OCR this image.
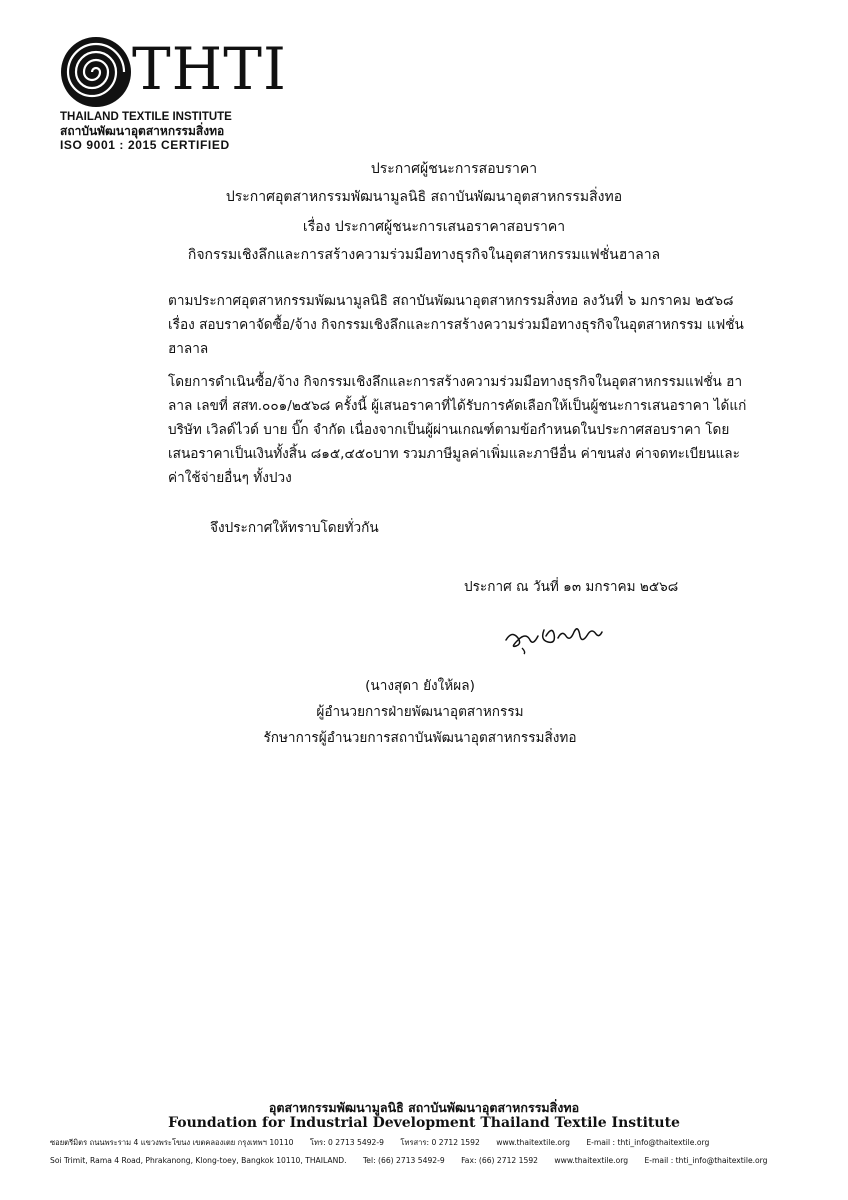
THTI
THAILAND TEXTILE INSTITUTE
สถาบันพัฒนาอุตสาหกรรมสิ่งทอ
ISO 9001 : 2015 CERTIFIED
ประกาศผู้ชนะการสอบราคา
ประกาศอุตสาหกรรมพัฒนามูลนิธิ สถาบันพัฒนาอุตสาหกรรมสิ่งทอ
เรื่อง ประกาศผู้ชนะการเสนอราคาสอบราคา
กิจกรรมเชิงลึกและการสร้างความร่วมมือทางธุรกิจในอุตสาหกรรมแฟชั่นฮาลาล
ตามประกาศอุตสาหกรรมพัฒนามูลนิธิ สถาบันพัฒนาอุตสาหกรรมสิ่งทอ ลงวันที่ ๖ มกราคม ๒๕๖๘ เรื่อง สอบราคาจัดซื้อ/จ้าง กิจกรรมเชิงลึกและการสร้างความร่วมมือทางธุรกิจในอุตสาหกรรม แฟชั่นฮาลาล
โดยการดำเนินซื้อ/จ้าง กิจกรรมเชิงลึกและการสร้างความร่วมมือทางธุรกิจในอุตสาหกรรมแฟชั่น ฮาลาล เลขที่ สสท.๐๐๑/๒๕๖๘ ครั้งนี้ ผู้เสนอราคาที่ได้รับการคัดเลือกให้เป็นผู้ชนะการเสนอราคา ได้แก่ บริษัท เวิลด์ไวด์ บาย บิ๊ก จำกัด เนื่องจากเป็นผู้ผ่านเกณฑ์ตามข้อกำหนดในประกาศสอบราคา โดยเสนอราคาเป็นเงินทั้งสิ้น ๘๑๕,๔๕๐บาท รวมภาษีมูลค่าเพิ่มและภาษีอื่น ค่าขนส่ง ค่าจดทะเบียนและค่าใช้จ่ายอื่นๆ ทั้งปวง
จึงประกาศให้ทราบโดยทั่วกัน
ประกาศ ณ วันที่ ๑๓ มกราคม ๒๕๖๘
(นางสุดา ยังให้ผล)
ผู้อำนวยการฝ่ายพัฒนาอุตสาหกรรม
รักษาการผู้อำนวยการสถาบันพัฒนาอุตสาหกรรมสิ่งทอ
อุตสาหกรรมพัฒนามูลนิธิ สถาบันพัฒนาอุตสาหกรรมสิ่งทอ
Foundation for Industrial Development Thailand Textile Institute
ซอยตรีมิตร ถนนพระราม 4 แขวงพระโขนง เขตคลองเตย กรุงเทพฯ 10110 โทร: 0 2713 5492-9 โทรสาร: 0 2712 1592 www.thaitextile.org E-mail : thti_info@thaitextile.org
Soi Trimit, Rama 4 Road, Phrakanong, Klong-toey, Bangkok 10110, THAILAND. Tel: (66) 2713 5492-9 Fax: (66) 2712 1592 www.thaitextile.org E-mail : thti_info@thaitextile.org
